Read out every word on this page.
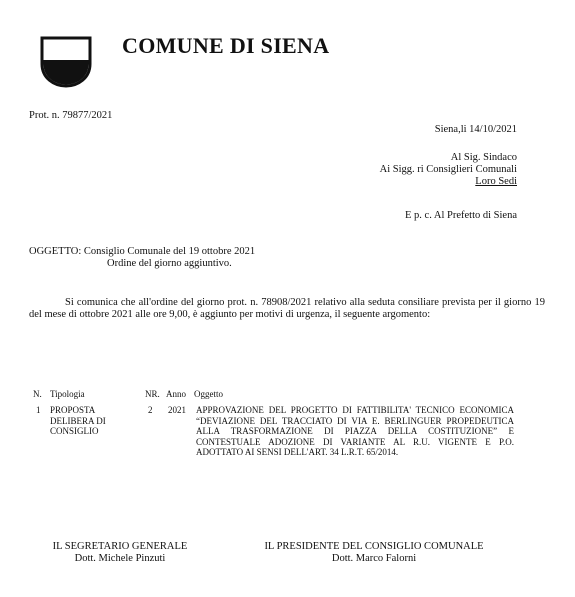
COMUNE DI SIENA
Prot. n. 79877/2021
Siena,li 14/10/2021
Al Sig. Sindaco
Ai Sigg. ri Consiglieri Comunali
Loro Sedi
E p. c. Al Prefetto di Siena
OGGETTO: Consiglio Comunale del 19 ottobre 2021
Ordine del giorno aggiuntivo.
Si comunica che all'ordine del giorno prot. n. 78908/2021 relativo alla seduta consiliare prevista per il giorno 19 del mese di ottobre 2021 alle ore 9,00, è aggiunto per motivi di urgenza, il seguente argomento:
N. Tipologia	NR. Anno Oggetto
1 PROPOSTA DELIBERA DI CONSIGLIO
2 2021 APPROVAZIONE DEL PROGETTO DI FATTIBILITA' TECNICO ECONOMICA “DEVIAZIONE DEL TRACCIATO DI VIA E. BERLINGUER PROPEDEUTICA ALLA TRASFORMAZIONE DI PIAZZA DELLA COSTITUZIONE” E CONTESTUALE ADOZIONE DI VARIANTE AL R.U. VIGENTE E P.O. ADOTTATO AI SENSI DELL'ART. 34 L.R.T. 65/2014.
IL SEGRETARIO GENERALE
Dott. Michele Pinzuti
IL PRESIDENTE DEL CONSIGLIO COMUNALE
Dott. Marco Falorni
